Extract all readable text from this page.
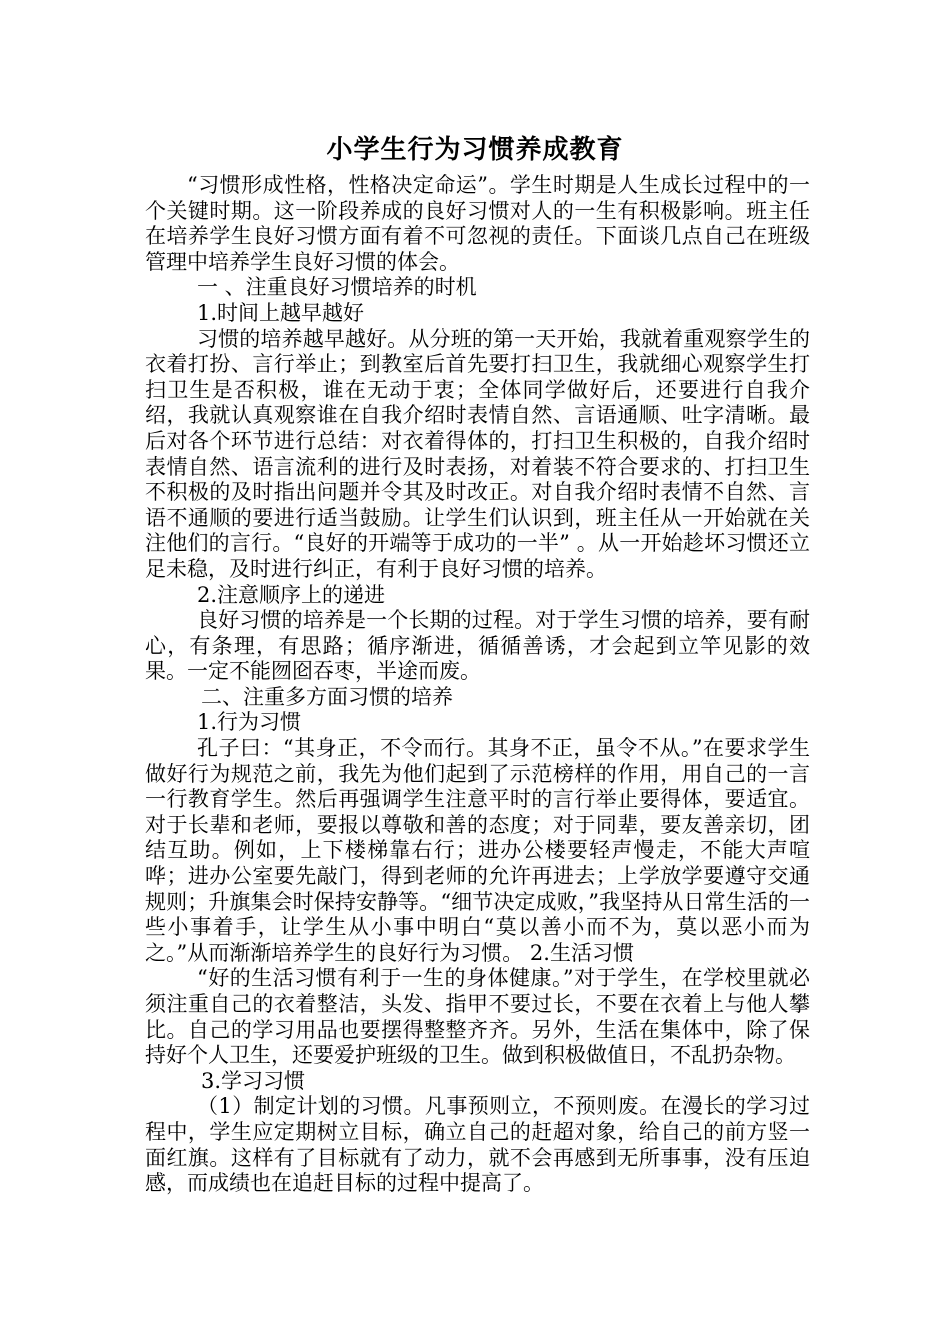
小学生行为习惯养成教育

“习惯形成性格，性格决定命运”。学生时期是人生成长过程中的一个关键时期。这一阶段养成的良好习惯对人的一生有积极影响。班主任在培养学生良好习惯方面有着不可忽视的责任。下面谈几点自己在班级管理中培养学生良好习惯的体会。

一 、注重良好习惯培养的时机

1.时间上越早越好

习惯的培养越早越好。从分班的第一天开始，我就着重观察学生的衣着打扮、言行举止；到教室后首先要打扫卫生，我就细心观察学生打扫卫生是否积极，谁在无动于衷；全体同学做好后，还要进行自我介绍，我就认真观察谁在自我介绍时表情自然、言语通顺、吐字清晰。最后对各个环节进行总结：对衣着得体的，打扫卫生积极的，自我介绍时表情自然、语言流利的进行及时表扬，对着装不符合要求的、打扫卫生不积极的及时指出问题并令其及时改正。对自我介绍时表情不自然、言语不通顺的要进行适当鼓励。让学生们认识到，班主任从一开始就在关注他们的言行。“良好的开端等于成功的一半” 。从一开始趁坏习惯还立足未稳，及时进行纠正，有利于良好习惯的培养。

2.注意顺序上的递进

良好习惯的培养是一个长期的过程。对于学生习惯的培养，要有耐心，有条理，有思路；循序渐进，循循善诱，才会起到立竿见影的效果。一定不能囫囵吞枣，半途而废。

二、注重多方面习惯的培养

1.行为习惯

孔子曰：“其身正，不令而行。其身不正，虽令不从。”在要求学生做好行为规范之前，我先为他们起到了示范榜样的作用，用自己的一言一行教育学生。然后再强调学生注意平时的言行举止要得体，要适宜。对于长辈和老师，要报以尊敬和善的态度；对于同辈，要友善亲切，团结互助。例如，上下楼梯靠右行；进办公楼要轻声慢走，不能大声喧哗；进办公室要先敲门，得到老师的允许再进去；上学放学要遵守交通规则；升旗集会时保持安静等。“细节决定成败，”我坚持从日常生活的一些小事着手，让学生从小事中明白“莫以善小而不为，莫以恶小而为之。”从而渐渐培养学生的良好行为习惯。 2.生活习惯

“好的生活习惯有利于一生的身体健康。”对于学生，在学校里就必须注重自己的衣着整洁，头发、指甲不要过长，不要在衣着上与他人攀比。自己的学习用品也要摆得整整齐齐。另外，生活在集体中，除了保持好个人卫生，还要爱护班级的卫生。做到积极做值日，不乱扔杂物。

3.学习习惯

（1）制定计划的习惯。凡事预则立，不预则废。在漫长的学习过程中，学生应定期树立目标，确立自己的赶超对象，给自己的前方竖一面红旗。这样有了目标就有了动力，就不会再感到无所事事，没有压迫感，而成绩也在追赶目标的过程中提高了。
